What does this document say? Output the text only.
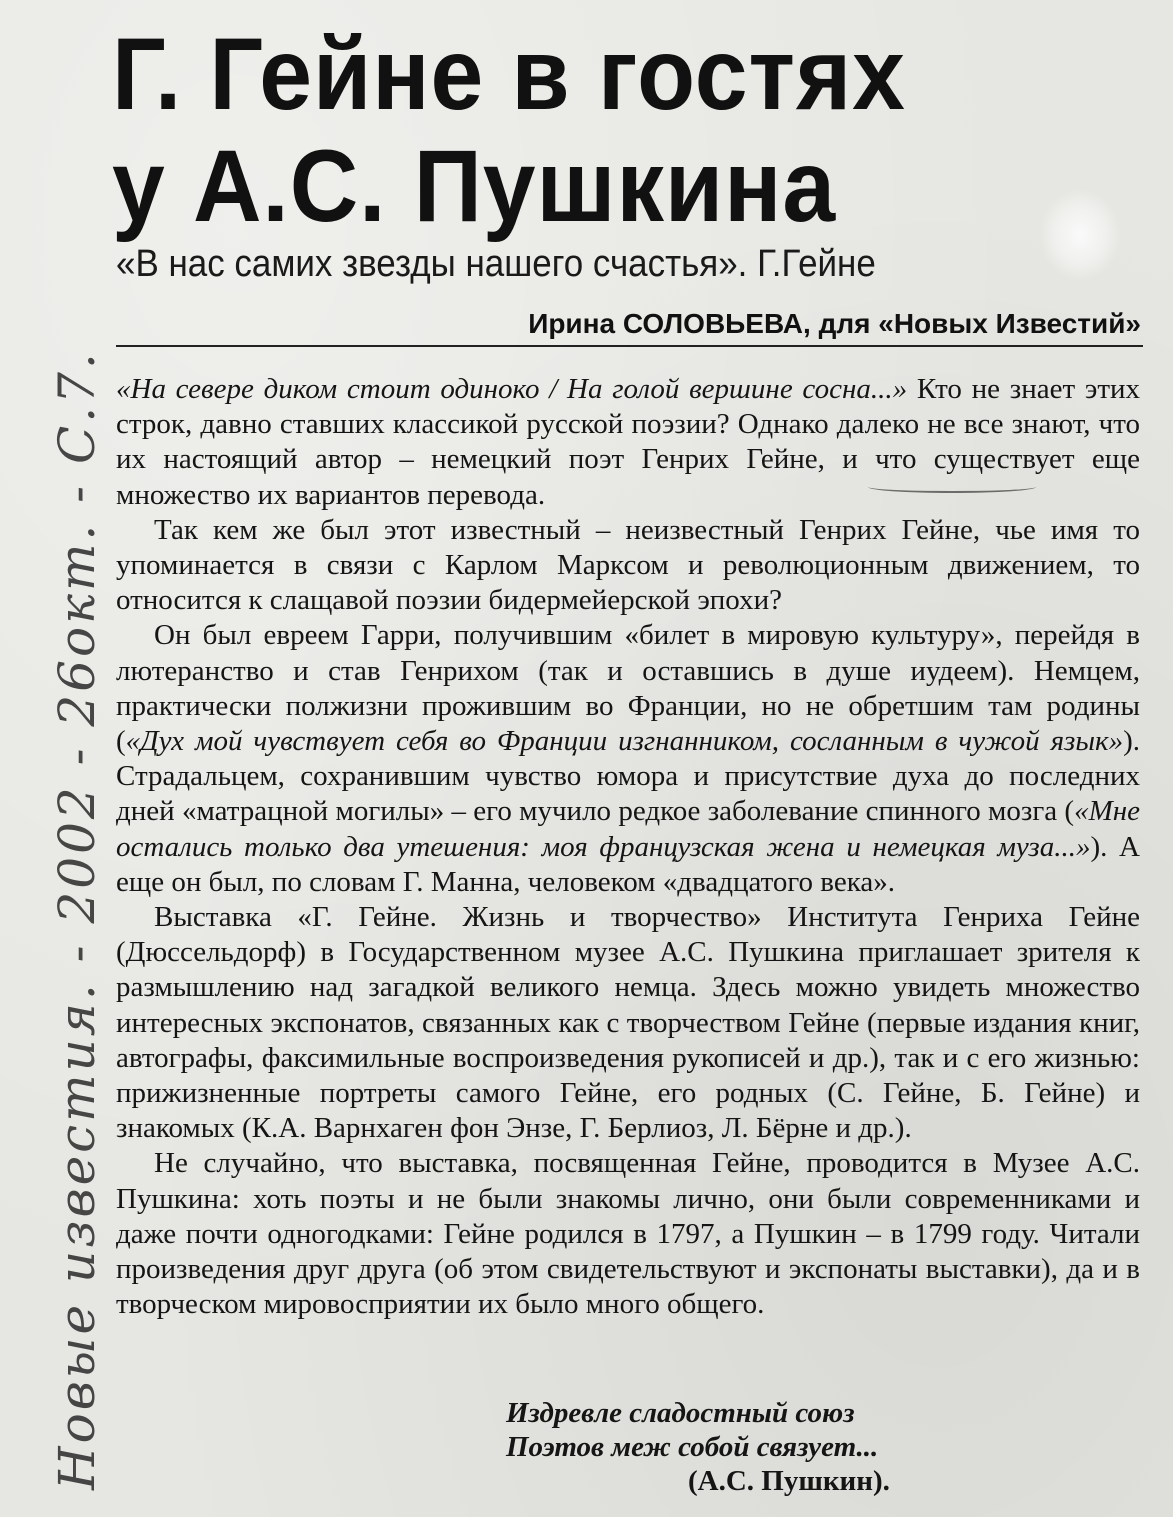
Г. Гейне в гостях
у А.С. Пушкина
«В нас самих звезды нашего счастья». Г.Гейне
Ирина СОЛОВЬЕВА, для «Новых Известий»

«На севере диком стоит одиноко / На голой вершине сосна...» Кто не знает этих строк, давно ставших классикой русской поэзии? Однако далеко не все знают, что их настоящий автор – немецкий поэт Генрих Гейне, и что существует еще множество их вариантов перевода.

Так кем же был этот известный – неизвестный Генрих Гейне, чье имя то упоминается в связи с Карлом Марксом и революционным движением, то относится к слащавой поэзии бидермейерской эпохи?

Он был евреем Гарри, получившим «билет в мировую культуру», перейдя в лютеранство и став Генрихом (так и оставшись в душе иудеем). Немцем, практически полжизни прожившим во Франции, но не обретшим там родины («Дух мой чувствует себя во Франции изгнанником, сосланным в чужой язык»). Страдальцем, сохранившим чувство юмора и присутствие духа до последних дней «матрацной могилы» – его мучило редкое заболевание спинного мозга («Мне остались только два утешения: моя французская жена и немецкая муза...»). А еще он был, по словам Г. Манна, человеком «двадцатого века».

Выставка «Г. Гейне. Жизнь и творчество» Института Генриха Гейне (Дюссельдорф) в Государственном музее А.С. Пушкина приглашает зрителя к размышлению над загадкой великого немца. Здесь можно увидеть множество интересных экспонатов, связанных как с творчеством Гейне (первые издания книг, автографы, факсимильные воспроизведения рукописей и др.), так и с его жизнью: прижизненные портреты самого Гейне, его родных (С. Гейне, Б. Гейне) и знакомых (К.А. Варнхаген фон Энзе, Г. Берлиоз, Л. Бёрне и др.).

Не случайно, что выставка, посвященная Гейне, проводится в Музее А.С. Пушкина: хоть поэты и не были знакомы лично, они были современниками и даже почти одногодками: Гейне родился в 1797, а Пушкин – в 1799 году. Читали произведения друг друга (об этом свидетельствуют и экспонаты выставки), да и в творческом мировосприятии их было много общего.

Издревле сладостный союз
Поэтов меж собой связует...
(А.С. Пушкин).
Новые известия. - 2002 - 26окт. - С.7.
